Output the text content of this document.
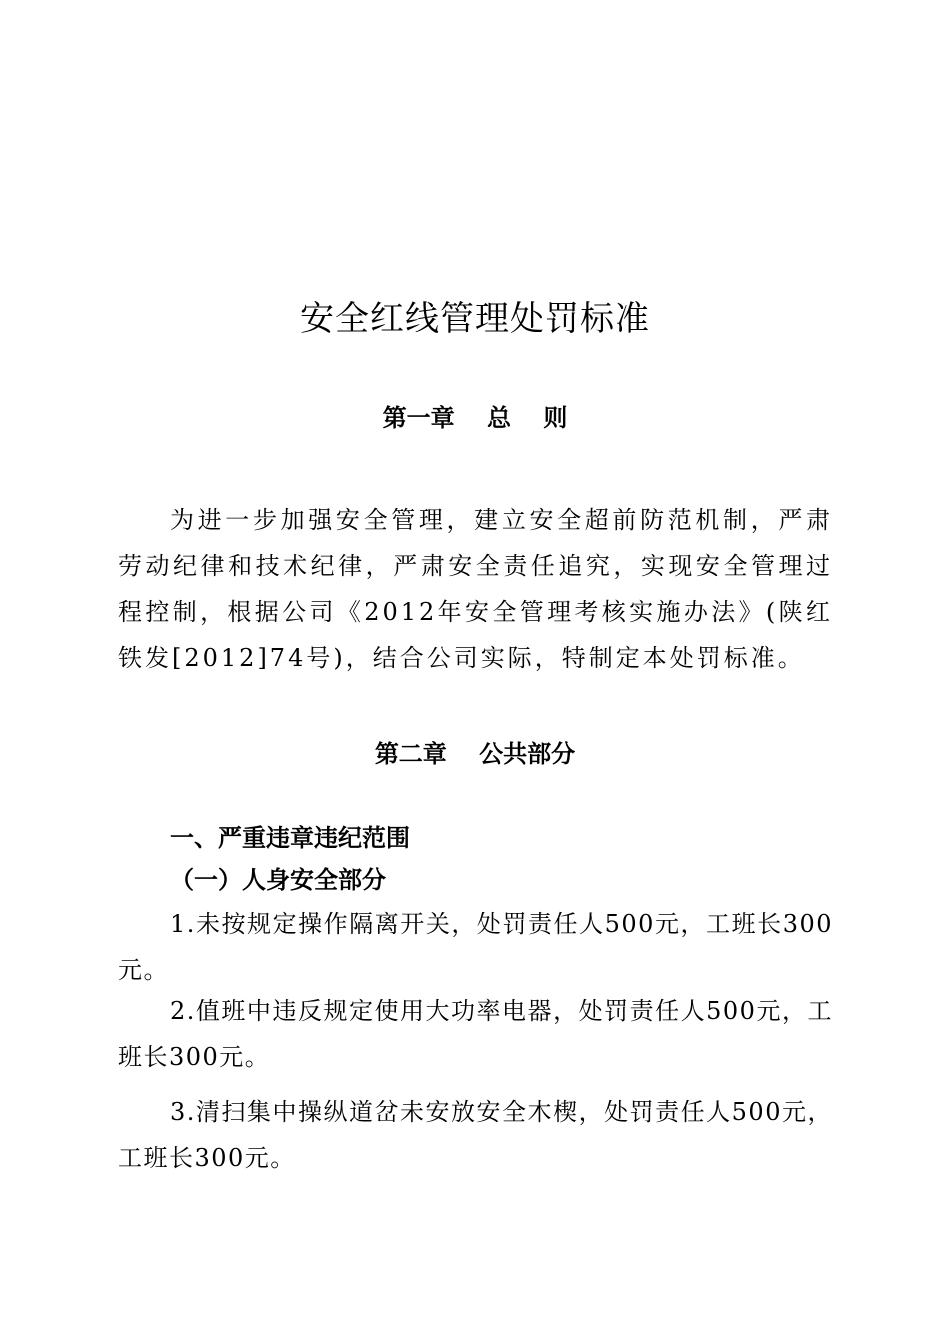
安全红线管理处罚标准
第一章　 总　 则

为进一步加强安全管理，建立安全超前防范机制，严肃劳动纪律和技术纪律，严肃安全责任追究，实现安全管理过程控制，根据公司《2012年安全管理考核实施办法》(陕红铁发[2012]74号)，结合公司实际，特制定本处罚标准。

第二章　 公共部分
一、严重违章违纪范围
（一）人身安全部分

1.未按规定操作隔离开关，处罚责任人500元，工班长300元。

2.值班中违反规定使用大功率电器，处罚责任人500元，工班长300元。

3.清扫集中操纵道岔未安放安全木楔，处罚责任人500元，工班长300元。
